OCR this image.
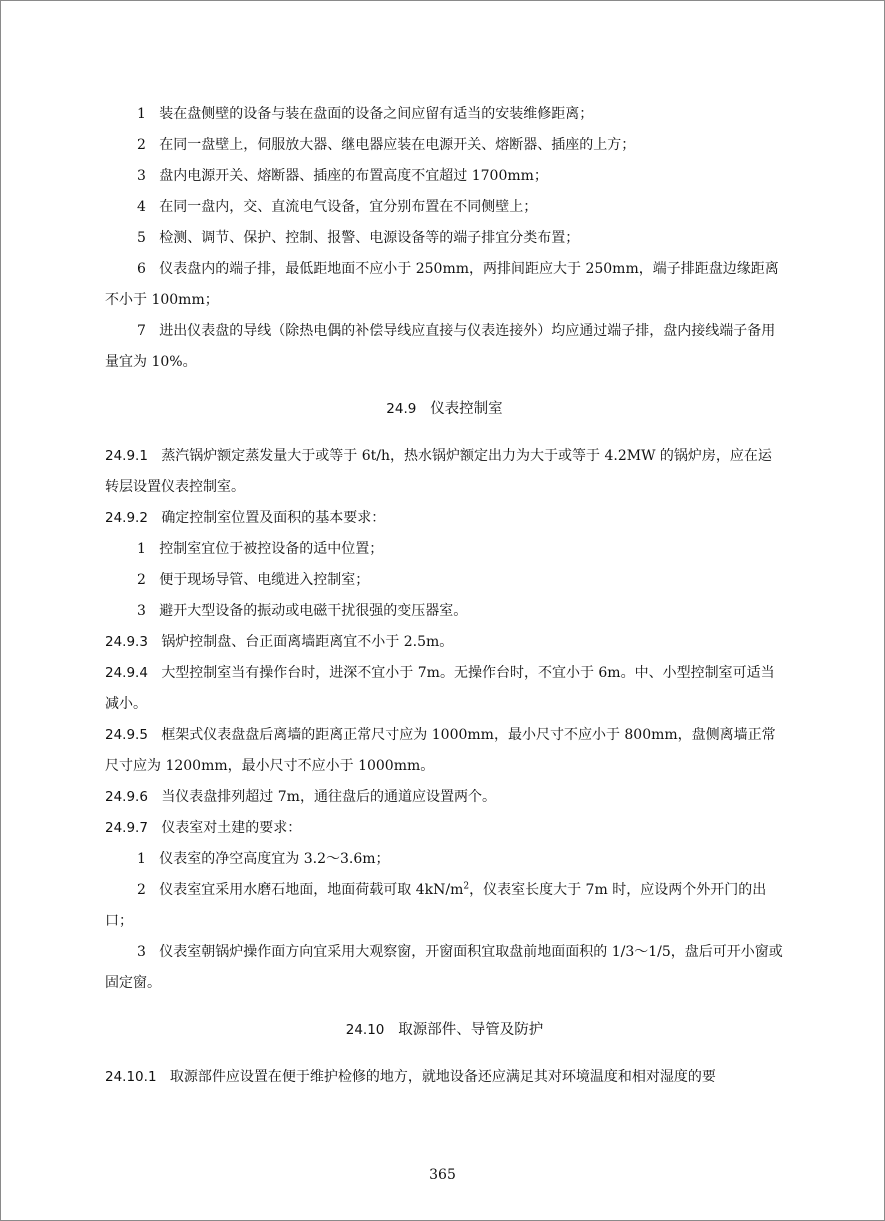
1 装在盘侧壁的设备与装在盘面的设备之间应留有适当的安装维修距离；

2 在同一盘壁上，伺服放大器、继电器应装在电源开关、熔断器、插座的上方；

3 盘内电源开关、熔断器、插座的布置高度不宜超过 1700mm；

4 在同一盘内，交、直流电气设备，宜分别布置在不同侧壁上；

5 检测、调节、保护、控制、报警、电源设备等的端子排宜分类布置；

6 仪表盘内的端子排，最低距地面不应小于 250mm，两排间距应大于 250mm，端子排距盘边缘距离不小于 100mm；

7 进出仪表盘的导线（除热电偶的补偿导线应直接与仪表连接外）均应通过端子排，盘内接线端子备用量宜为 10%。

24.9 仪表控制室

24.9.1 蒸汽锅炉额定蒸发量大于或等于 6t/h，热水锅炉额定出力为大于或等于 4.2MW 的锅炉房，应在运转层设置仪表控制室。

24.9.2 确定控制室位置及面积的基本要求：

1 控制室宜位于被控设备的适中位置；

2 便于现场导管、电缆进入控制室；

3 避开大型设备的振动或电磁干扰很强的变压器室。

24.9.3 锅炉控制盘、台正面离墙距离宜不小于 2.5m。

24.9.4 大型控制室当有操作台时，进深不宜小于 7m。无操作台时，不宜小于 6m。中、小型控制室可适当减小。

24.9.5 框架式仪表盘盘后离墙的距离正常尺寸应为 1000mm，最小尺寸不应小于 800mm，盘侧离墙正常尺寸应为 1200mm，最小尺寸不应小于 1000mm。

24.9.6 当仪表盘排列超过 7m，通往盘后的通道应设置两个。

24.9.7 仪表室对土建的要求：

1 仪表室的净空高度宜为 3.2～3.6m；

2 仪表室宜采用水磨石地面，地面荷载可取 $4kN/m^2$，仪表室长度大于 7m 时，应设两个外开门的出口；

3 仪表室朝锅炉操作面方向宜采用大观察窗，开窗面积宜取盘前地面面积的 1/3～1/5，盘后可开小窗或固定窗。

24.10 取源部件、导管及防护

24.10.1 取源部件应设置在便于维护检修的地方，就地设备还应满足其对环境温度和相对湿度的要

365
